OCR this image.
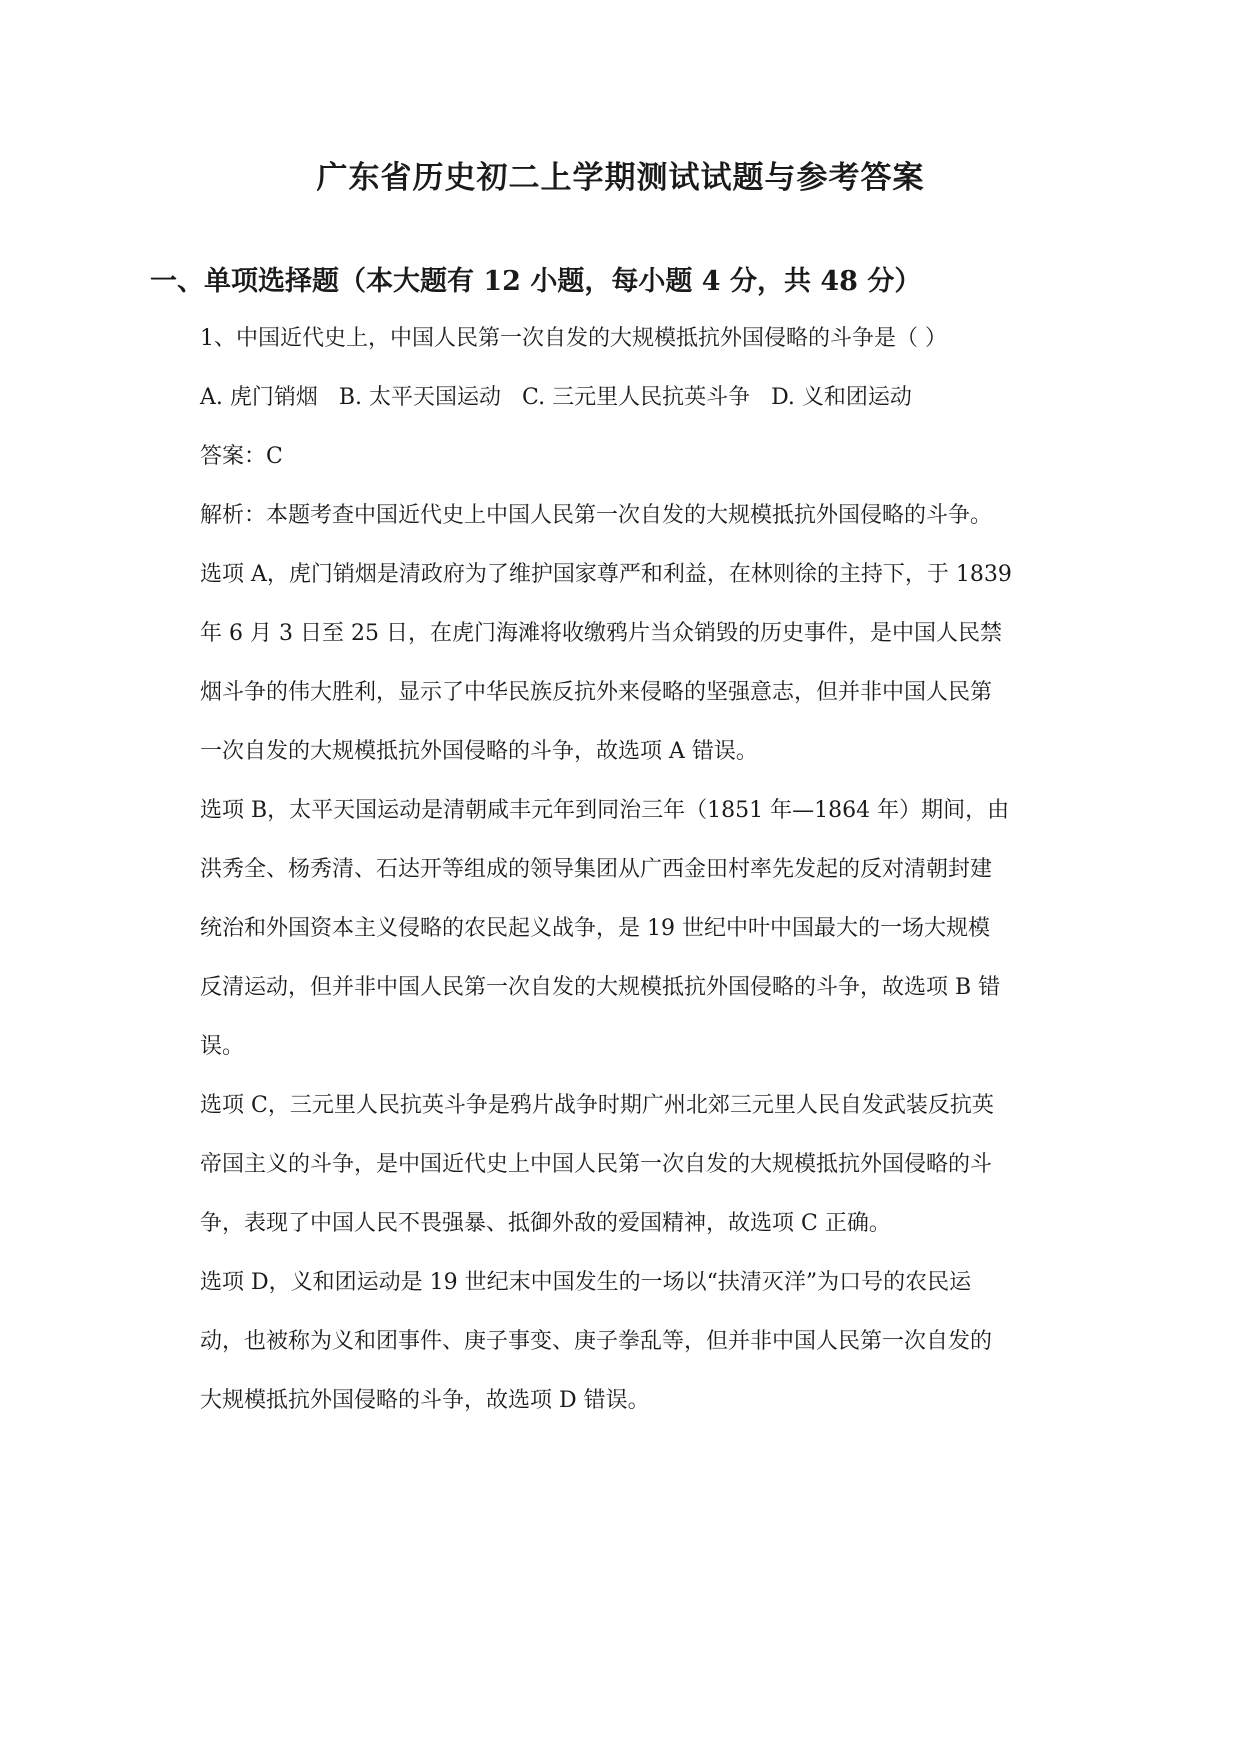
广东省历史初二上学期测试试题与参考答案
一、单项选择题（本大题有 12 小题，每小题 4 分，共 48 分）
1、中国近代史上，中国人民第一次自发的大规模抵抗外国侵略的斗争是（ ）
A. 虎门销烟 B. 太平天国运动 C. 三元里人民抗英斗争 D. 义和团运动
答案：C
解析：本题考查中国近代史上中国人民第一次自发的大规模抵抗外国侵略的斗争。
选项 A，虎门销烟是清政府为了维护国家尊严和利益，在林则徐的主持下，于 1839
年 6 月 3 日至 25 日，在虎门海滩将收缴鸦片当众销毁的历史事件，是中国人民禁
烟斗争的伟大胜利，显示了中华民族反抗外来侵略的坚强意志，但并非中国人民第
一次自发的大规模抵抗外国侵略的斗争，故选项 A 错误。
选项 B，太平天国运动是清朝咸丰元年到同治三年（1851 年—1864 年）期间，由
洪秀全、杨秀清、石达开等组成的领导集团从广西金田村率先发起的反对清朝封建
统治和外国资本主义侵略的农民起义战争，是 19 世纪中叶中国最大的一场大规模
反清运动，但并非中国人民第一次自发的大规模抵抗外国侵略的斗争，故选项 B 错
误。
选项 C，三元里人民抗英斗争是鸦片战争时期广州北郊三元里人民自发武装反抗英
帝国主义的斗争，是中国近代史上中国人民第一次自发的大规模抵抗外国侵略的斗
争，表现了中国人民不畏强暴、抵御外敌的爱国精神，故选项 C 正确。
选项 D，义和团运动是 19 世纪末中国发生的一场以“扶清灭洋”为口号的农民运
动，也被称为义和团事件、庚子事变、庚子拳乱等，但并非中国人民第一次自发的
大规模抵抗外国侵略的斗争，故选项 D 错误。
